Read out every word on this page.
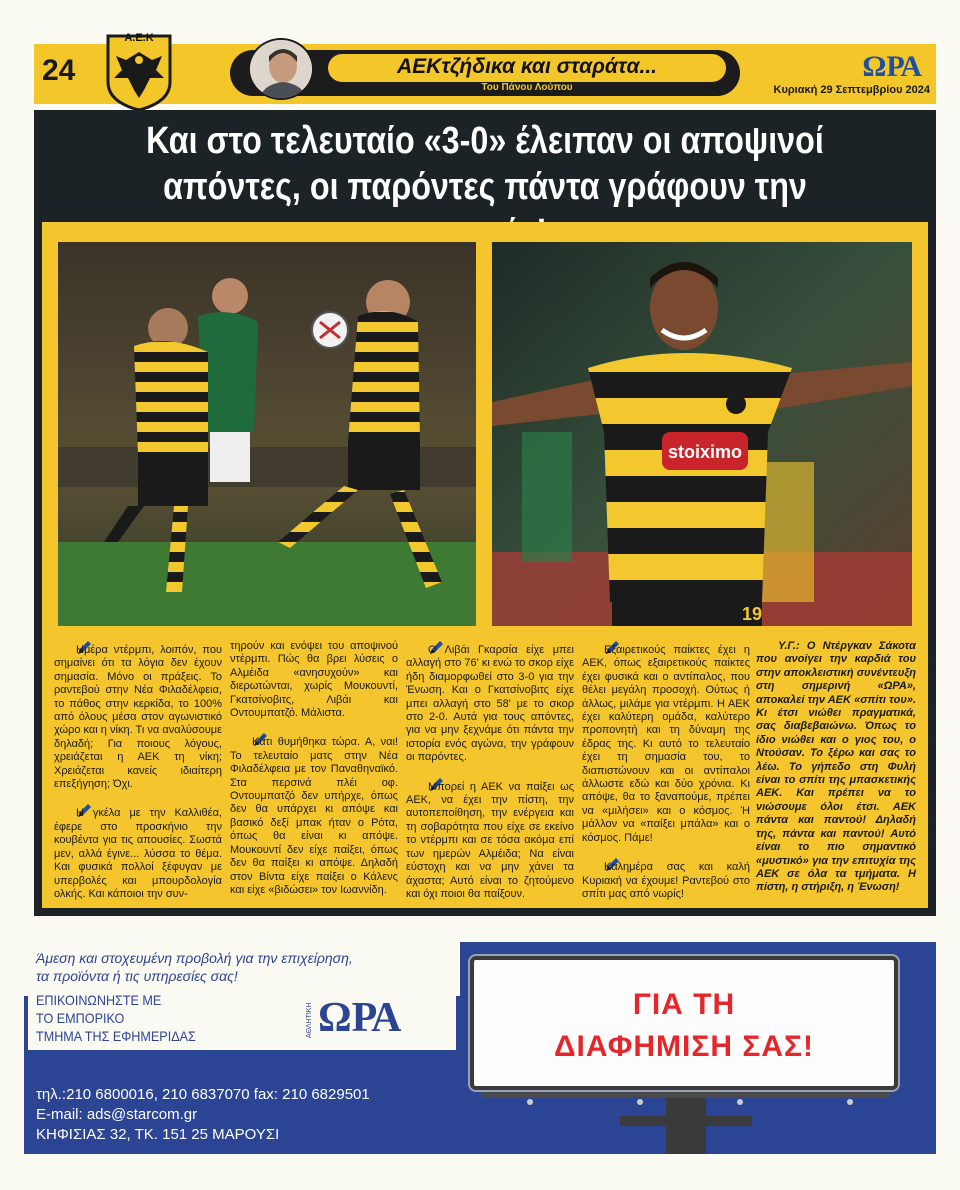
24
Α.Ε.Κ
ΑΕΚτζήδικα και σταράτα...
Του Πάνου Λούπου
ΩΡΑ
Κυριακή 29 Σεπτεμβρίου 2024
Και στο τελευταίο «3-0» έλειπαν οι αποψινοί
απόντες, οι παρόντες πάντα γράφουν την
stoiximo
19

Ημέρα ντέρμπι, λοιπόν, που σημαίνει ότι τα λόγια δεν έχουν σημασία. Μόνο οι πράξεις. Το ραντεβού στην Νέα Φιλαδέλφεια, το πάθος στην κερκίδα, το 100% από όλους μέσα στον αγωνιστικό χώρο και η νίκη. Τι να αναλύσουμε δηλαδή; Για ποιους λόγους, χρειάζεται η ΑΕΚ τη νίκη; Χρειάζεται κανείς ιδιαίτερη επεξήγηση; Όχι.

Η γκέλα με την Καλλιθέα, έφερε στο προσκήνιο την κουβέντα για τις απουσίες. Σωστά μεν, αλλά έγινε... λύσσα το θέμα. Και φυσικά πολλοί ξέφυγαν με υπερβολές και μπουρδολογία ολκής. Και κάποιοι την συν-

τηρούν και ενόψει του αποψινού ντέρμπι. Πώς θα βρει λύσεις ο Αλμέιδα «ανησυχούν» και διερωτώνται, χωρίς Μουκουντί, Γκατσίνοβιτς, Λιβάι και Οντουμπατζό. Μάλιστα.

Κάτι θυμήθηκα τώρα. Α, ναι! Το τελευταίο ματς στην Νέα Φιλαδέλφεια με τον Παναθηναϊκό. Στα περσινά πλέι οφ. Οντουμπατζό δεν υπήρχε, όπως δεν θα υπάρχει κι απόψε και βασικό δεξί μπακ ήταν ο Ρότα, όπως θα είναι κι απόψε. Μουκουντί δεν είχε παίξει, όπως δεν θα παίξει κι απόψε. Δηλαδή στον Βίντα είχε παίξει ο Κάλενς και είχε «βιδώσει» τον Ιωαννίδη.

Ο Λιβάι Γκαρσία είχε μπει αλλαγή στο 76' κι ενώ το σκορ είχε ήδη διαμορφωθεί στο 3-0 για την Ένωση. Και ο Γκατσίνοβιτς είχε μπει αλλαγή στο 58' με το σκορ στο 2-0. Αυτά για τους απόντες, για να μην ξεχνάμε ότι πάντα την ιστορία ενός αγώνα, την γράφουν οι παρόντες.

Μπορεί η ΑΕΚ να παίξει ως ΑΕΚ, να έχει την πίστη, την αυτοπεποίθηση, την ενέργεια και τη σοβαρότητα που είχε σε εκείνο το ντέρμπι και σε τόσα ακόμα επί των ημερών Αλμέιδα; Να είναι εύστοχη και να μην χάνει τα άχαστα; Αυτό είναι το ζητούμενο και όχι ποιοι θα παίξουν.

Εξαιρετικούς παίκτες έχει η ΑΕΚ, όπως εξαιρετικούς παίκτες έχει φυσικά και ο αντίπαλος, που θέλει μεγάλη προσοχή. Ούτως ή άλλως, μιλάμε για ντέρμπι. Η ΑΕΚ έχει καλύτερη ομάδα, καλύτερο προπονητή και τη δύναμη της έδρας της. Κι αυτό το τελευταίο έχει τη σημασία του, το διαπιστώνουν και οι αντίπαλοι άλλωστε εδώ και δύο χρόνια. Κι απόψε, θα το ξαναπούμε, πρέπει να «μιλήσει» και ο κόσμος. Ή μάλλον να «παίξει μπάλα» και ο κόσμος. Πάμε!

Καλημέρα σας και καλή Κυριακή να έχουμε! Ραντεβού στο σπίτι μας από νωρίς!

Υ.Γ.: Ο Ντέργκαν Σάκοτα που ανοίγει την καρδιά του στην αποκλειστική συνέντευξη στη σημερινή «ΩΡΑ», αποκαλεί την ΑΕΚ «σπίτι του». Κι έτσι νιώθει πραγματικά, σας διαβεβαιώνω. Όπως το ίδιο νιώθει και ο γιος του, ο Ντούσαν. Το ξέρω και σας το λέω. Το γήπεδο στη Φυλή είναι το σπίτι της μπασκετικής ΑΕΚ. Και πρέπει να το νιώσουμε όλοι έτσι. ΑΕΚ πάντα και παντού! Δηλαδή της, πάντα και παντού! Αυτό είναι το πιο σημαντικό «μυστικό» για την επιτυχία της ΑΕΚ σε όλα τα τμήματα. Η πίστη, η στήριξη, η Ένωση!

Άμεση και στοχευμένη προβολή για την επιχείρηση,
τα προϊόντα ή τις υπηρεσίες σας!
ΕΠΙΚΟΙΝΩΝΗΣΤΕ ΜΕ
ΤΟ ΕΜΠΟΡΙΚΟ
ΤΜΗΜΑ ΤΗΣ ΕΦΗΜΕΡΙΔΑΣ	ΑΘΛΗΤΙΚΗ ΩΡΑ
τηλ.:210 6800016, 210 6837070 fax: 210 6829501
E-mail: ads@starcom.gr
ΚΗΦΙΣΙΑΣ 32, ΤΚ. 151 25 ΜΑΡΟΥΣΙ
ΓΙΑ ΤΗ
ΔΙΑΦΗΜΙΣΗ ΣΑΣ!
